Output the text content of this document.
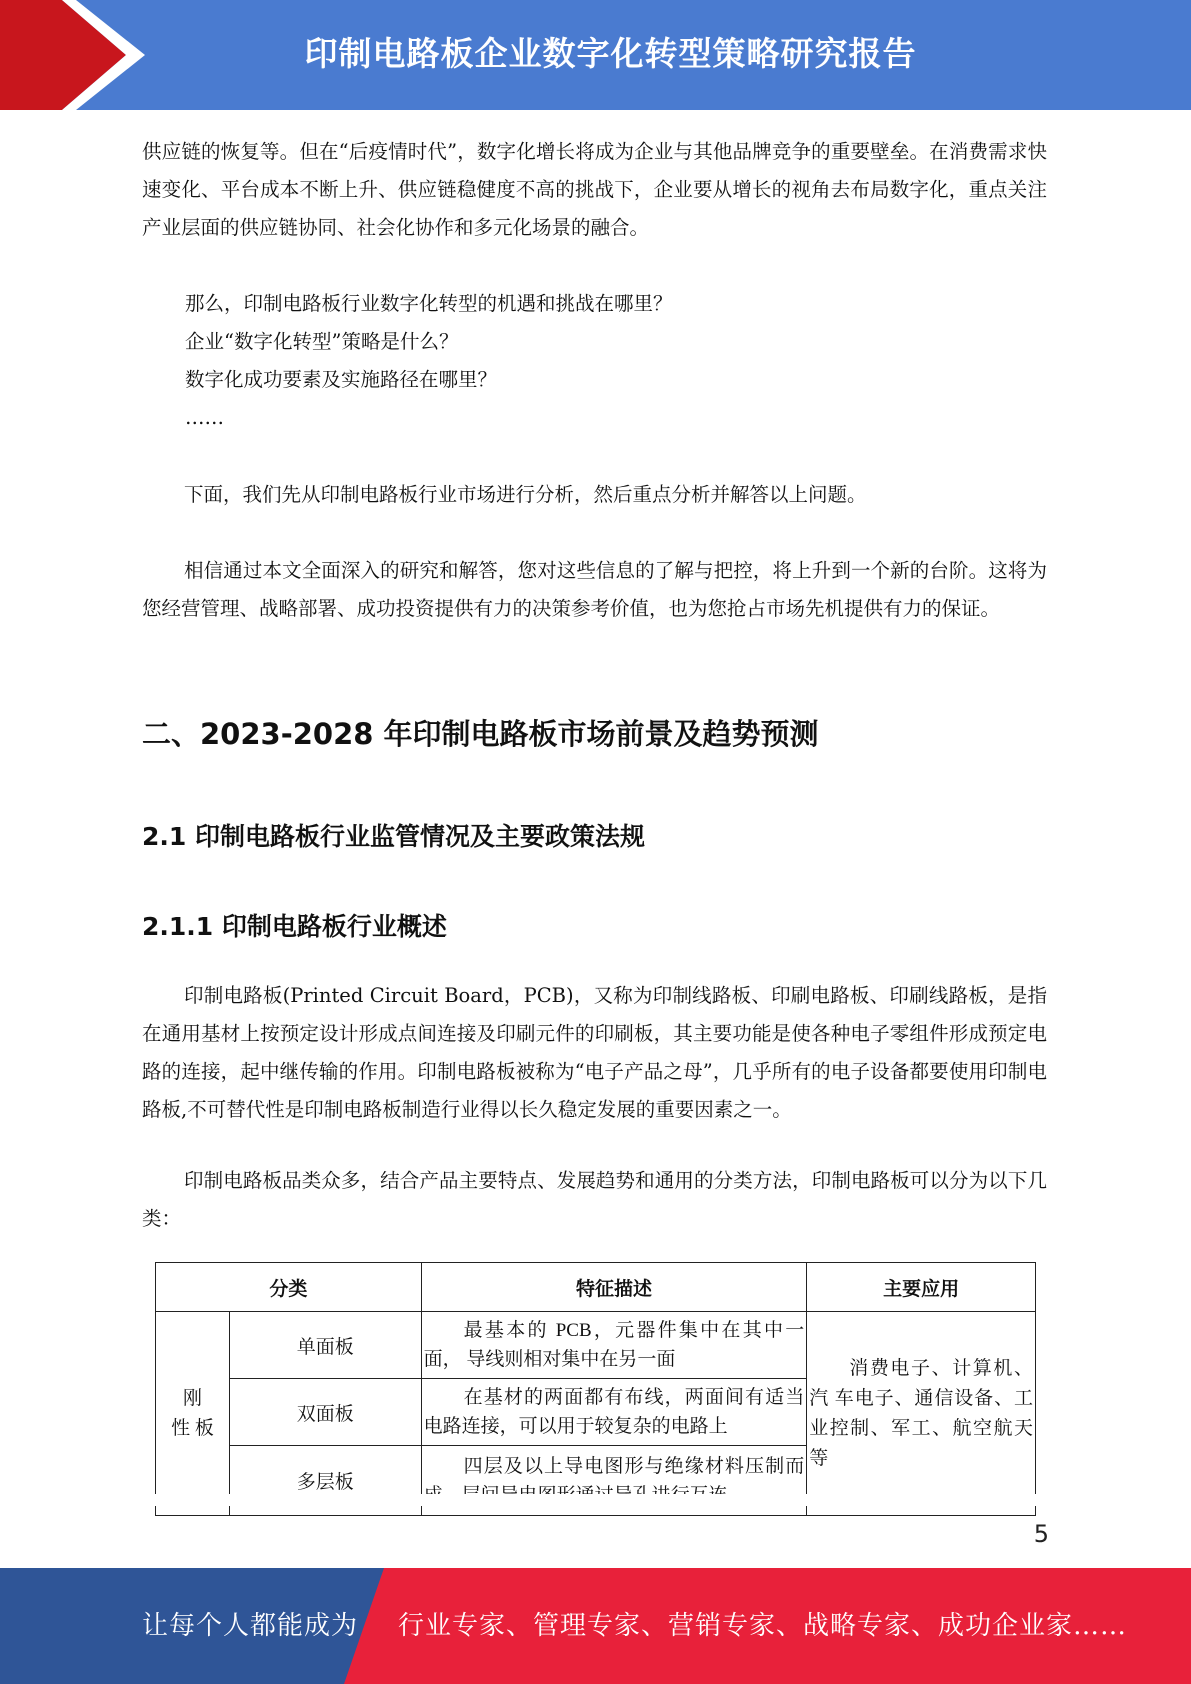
印制电路板企业数字化转型策略研究报告

供应链的恢复等。但在“后疫情时代”，数字化增长将成为企业与其他品牌竞争的重要壁垒。在消费需求快速变化、平台成本不断上升、供应链稳健度不高的挑战下，企业要从增长的视角去布局数字化，重点关注产业层面的供应链协同、社会化协作和多元化场景的融合。

那么，印制电路板行业数字化转型的机遇和挑战在哪里？
企业“数字化转型”策略是什么？
数字化成功要素及实施路径在哪里？
……

下面，我们先从印制电路板行业市场进行分析，然后重点分析并解答以上问题。

相信通过本文全面深入的研究和解答，您对这些信息的了解与把控，将上升到一个新的台阶。这将为您经营管理、战略部署、成功投资提供有力的决策参考价值，也为您抢占市场先机提供有力的保证。

二、2023-2028 年印制电路板市场前景及趋势预测
2.1 印制电路板行业监管情况及主要政策法规
2.1.1 印制电路板行业概述

印制电路板(Printed Circuit Board，PCB)，又称为印制线路板、印刷电路板、印刷线路板，是指在通用基材上按预定设计形成点间连接及印刷元件的印刷板，其主要功能是使各种电子零组件形成预定电路的连接，起中继传输的作用。印制电路板被称为“电子产品之母”，几乎所有的电子设备都要使用印制电路板,不可替代性是印制电路板制造行业得以长久稳定发展的重要因素之一。

印制电路板品类众多，结合产品主要特点、发展趋势和通用的分类方法，印制电路板可以分为以下几类：

分类		特征描述	主要应用

刚
性 板	单面板	最基本的 PCB，元器件集中在其中一面， 导线则相对集中在另一面	消费电子、计算机、汽 车电子、通信设备、工业控制、军工、航空航天等

	双面板	在基材的两面都有布线，两面间有适当电路连接，可以用于较复杂的电路上	
	多层板	四层及以上导电图形与绝缘材料压制而	
5
让每个人都能成为 行业专家、管理专家、营销专家、战略专家、成功企业家……
